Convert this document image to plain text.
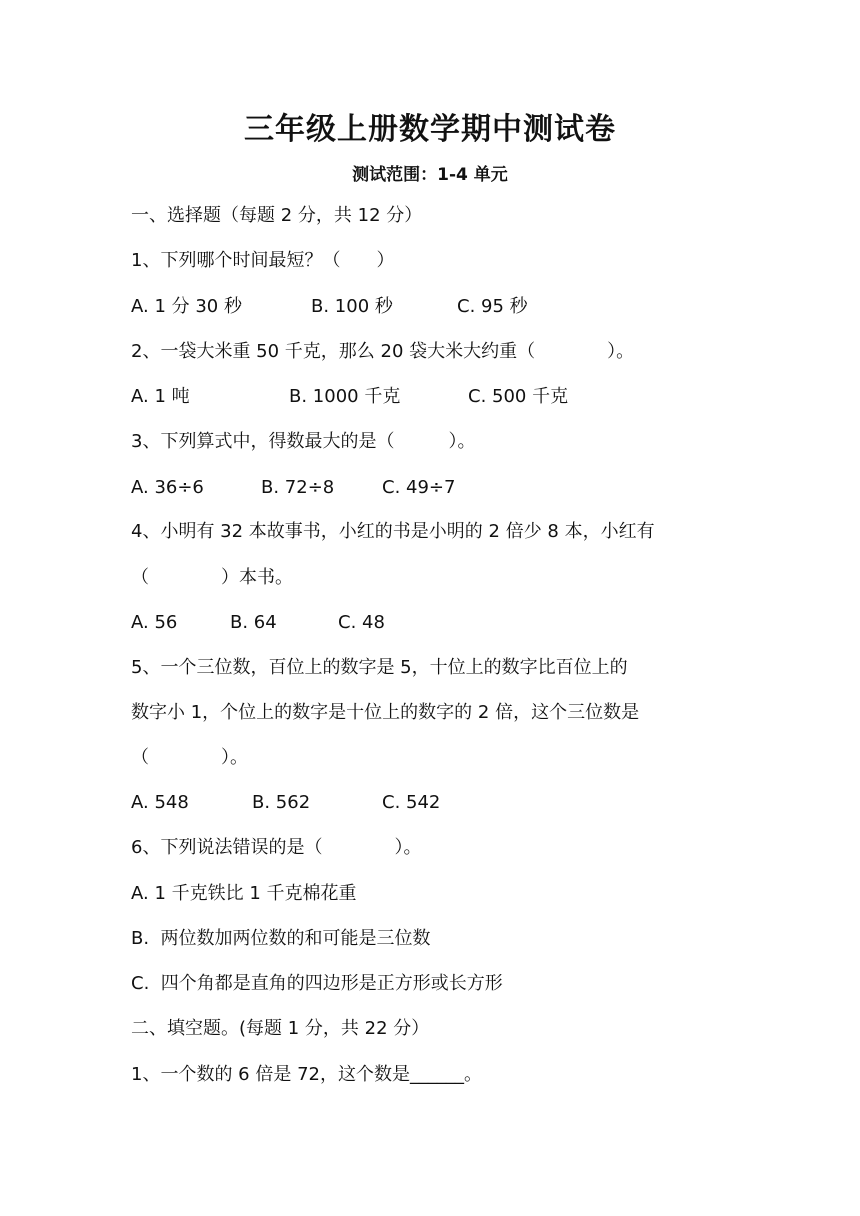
三年级上册数学期中测试卷
测试范围：1-4 单元
一、选择题（每题 2 分，共 12 分）
1、下列哪个时间最短？（　　）

A. 1 分 30 秒

	B. 100 秒

	C. 95 秒

2、一袋大米重 50 千克，那么 20 袋大米大约重（　　　　）。

A. 1 吨

	B. 1000 千克

	C. 500 千克

3、下列算式中，得数最大的是（　　　）。

A. 36÷6

	B. 72÷8

	C. 49÷7

4、小明有 32 本故事书，小红的书是小明的 2 倍少 8 本，小红有
（　　　　）本书。

A. 56

	B. 64

	C. 48

5、一个三位数，百位上的数字是 5，十位上的数字比百位上的
数字小 1，个位上的数字是十位上的数字的 2 倍，这个三位数是
（　　　　）。

A. 548

	B. 562

	C. 542

6、下列说法错误的是（　　　　）。
A. 1 千克铁比 1 千克棉花重
B.  两位数加两位数的和可能是三位数
C.  四个角都是直角的四边形是正方形或长方形
二、填空题。(每题 1 分，共 22 分）
1、一个数的 6 倍是 72，这个数是______。
